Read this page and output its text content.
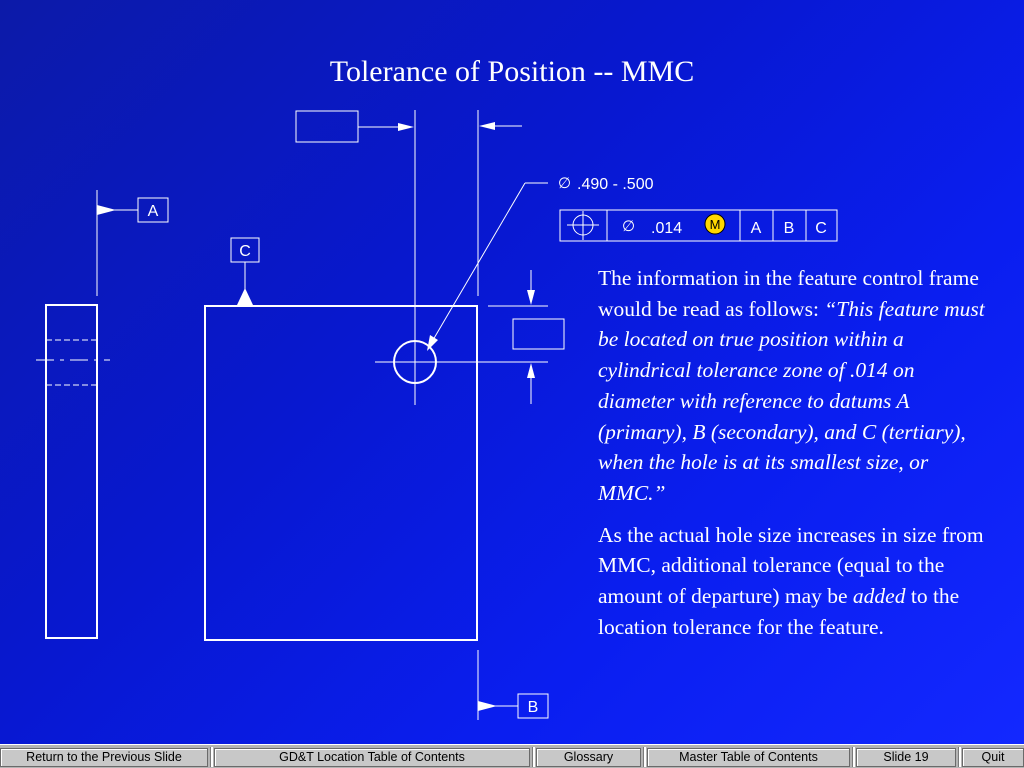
Tolerance of Position -- MMC
A
C
∅ .490 - .500
∅ .014 M A B C
B

The information in the feature control frame would be read as follows: “This feature must be located on true position within a cylindrical tolerance zone of .014 on diameter with reference to datums A (primary), B (secondary), and C (tertiary), when the hole is at its smallest size, or MMC.”

As the actual hole size increases in size from MMC, additional tolerance (equal to the amount of departure) may be added to the location tolerance for the feature.

Return to the Previous Slide	GD&T Location Table of Contents	Glossary	Master Table of Contents	Slide 19	Quit
